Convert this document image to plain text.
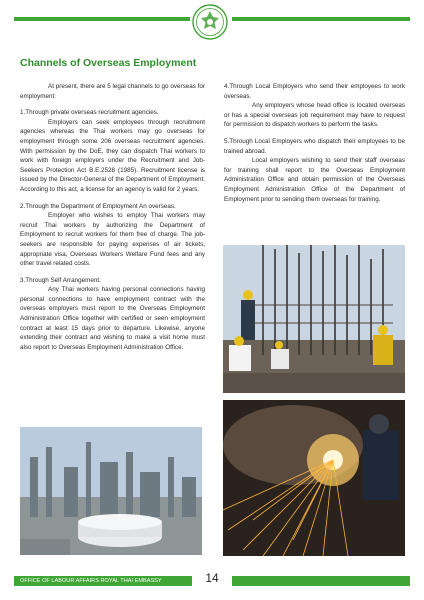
Channels of Overseas Employment

At present, there are 5 legal channels to go overseas for employment:

1.Through private overseas recruitment agencies.
Employers can seek employees through recruitment agencies whereas the Thai workers may go overseas for employment through some 206 overseas recruitment agencies. With permission by the DoE, they can dispatch Thai workers to work with foreign employers under the Recruitment and Job-Seekers Protection Act B.E.2528 (1985). Recruitment license is issued by the Director-General of the Department of Employment. According to this act, a license for an agency is valid for 2 years.

2.Through the Department of Employment An overseas.
Employer who wishes to employ Thai workers may recruit Thai workers by authorizing the Department of Employment to recruit workers for them free of charge. The job-seekers are responsible for paying expenses of air tickets, appropriate visa, Overseas Workers Welfare Fund fees and any other travel related costs.

3.Through Self Arrangement.
Any Thai workers having personal connections having personal connections to have employment contract with the overseas employers must report to the Overseas Employment Administration Office together with certified or seen employment contract at least 15 days prior to departure. Likewise, anyone extending their contract and wishing to make a visit home must also report to Overseas Employment Administration Office.

4.Through Local Employers who send their employees to work overseas.
Any employers whose head office is located overseas or has a special overseas job requirement may have to request for permission to dispatch workers to perform the tasks.

5.Through Local Employers who dispatch their employees to be trained abroad.
Local employers wishing to send their staff overseas for training shall report to the Overseas Employment Administration Office and obtain permission of the Overseas Employment Administration Office of the Department of Employment prior to sending them overseas for training.

OFFICE OF LABOUR AFFAIRS ROYAL THAI EMBASSY	14
